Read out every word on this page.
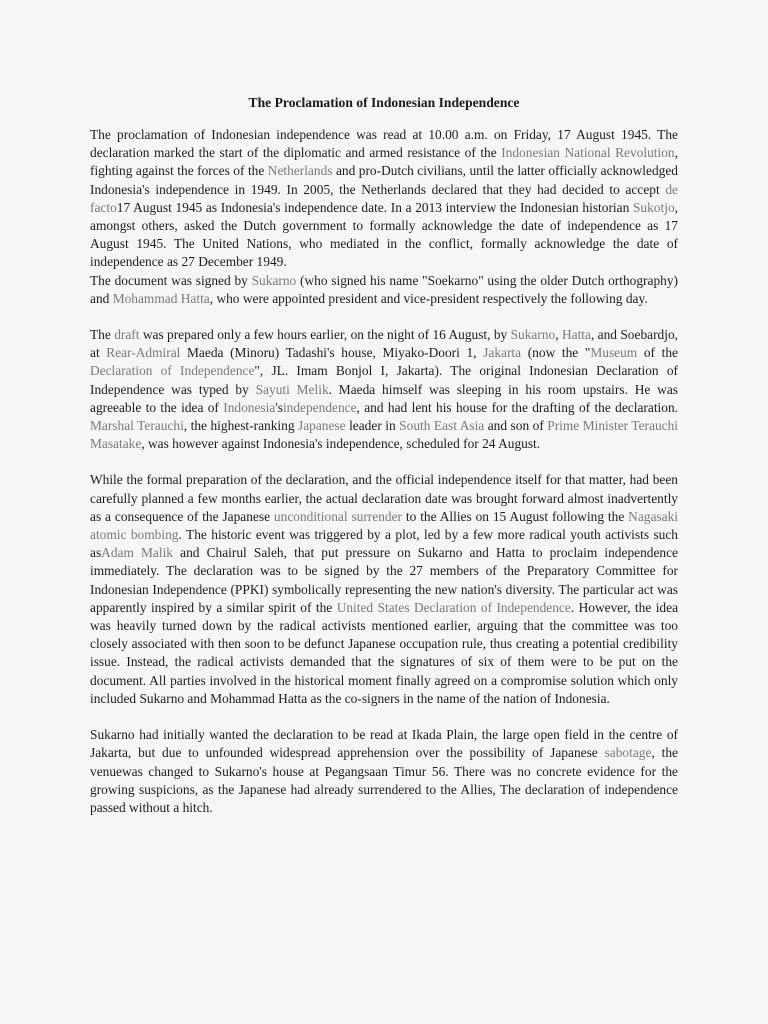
The Proclamation of Indonesian Independence

The proclamation of Indonesian independence was read at 10.00 a.m. on Friday, 17 August 1945. The declaration marked the start of the diplomatic and armed resistance of the Indonesian National Revolution, fighting against the forces of the Netherlands and pro-Dutch civilians, until the latter officially acknowledged Indonesia's independence in 1949. In 2005, the Netherlands declared that they had decided to accept de facto17 August 1945 as Indonesia's independence date. In a 2013 interview the Indonesian historian Sukotjo, amongst others, asked the Dutch government to formally acknowledge the date of independence as 17 August 1945. The United Nations, who mediated in the conflict, formally acknowledge the date of independence as 27 December 1949.

The document was signed by Sukarno (who signed his name "Soekarno" using the older Dutch orthography) and Mohammad Hatta, who were appointed president and vice-president respectively the following day.

The draft was prepared only a few hours earlier, on the night of 16 August, by Sukarno, Hatta, and Soebardjo, at Rear-Admiral Maeda (Minoru) Tadashi's house, Miyako-Doori 1, Jakarta (now the "Museum of the Declaration of Independence", JL. Imam Bonjol I, Jakarta). The original Indonesian Declaration of Independence was typed by Sayuti Melik. Maeda himself was sleeping in his room upstairs. He was agreeable to the idea of Indonesia'sindependence, and had lent his house for the drafting of the declaration. Marshal Terauchi, the highest-ranking Japanese leader in South East Asia and son of Prime Minister Terauchi Masatake, was however against Indonesia's independence, scheduled for 24 August.

While the formal preparation of the declaration, and the official independence itself for that matter, had been carefully planned a few months earlier, the actual declaration date was brought forward almost inadvertently as a consequence of the Japanese unconditional surrender to the Allies on 15 August following the Nagasaki atomic bombing. The historic event was triggered by a plot, led by a few more radical youth activists such asAdam Malik and Chairul Saleh, that put pressure on Sukarno and Hatta to proclaim independence immediately. The declaration was to be signed by the 27 members of the Preparatory Committee for Indonesian Independence (PPKI) symbolically representing the new nation's diversity. The particular act was apparently inspired by a similar spirit of the United States Declaration of Independence. However, the idea was heavily turned down by the radical activists mentioned earlier, arguing that the committee was too closely associated with then soon to be defunct Japanese occupation rule, thus creating a potential credibility issue. Instead, the radical activists demanded that the signatures of six of them were to be put on the document. All parties involved in the historical moment finally agreed on a compromise solution which only included Sukarno and Mohammad Hatta as the co-signers in the name of the nation of Indonesia.

Sukarno had initially wanted the declaration to be read at Ikada Plain, the large open field in the centre of Jakarta, but due to unfounded widespread apprehension over the possibility of Japanese sabotage, the venuewas changed to Sukarno's house at Pegangsaan Timur 56. There was no concrete evidence for the growing suspicions, as the Japanese had already surrendered to the Allies, The declaration of independence passed without a hitch.
